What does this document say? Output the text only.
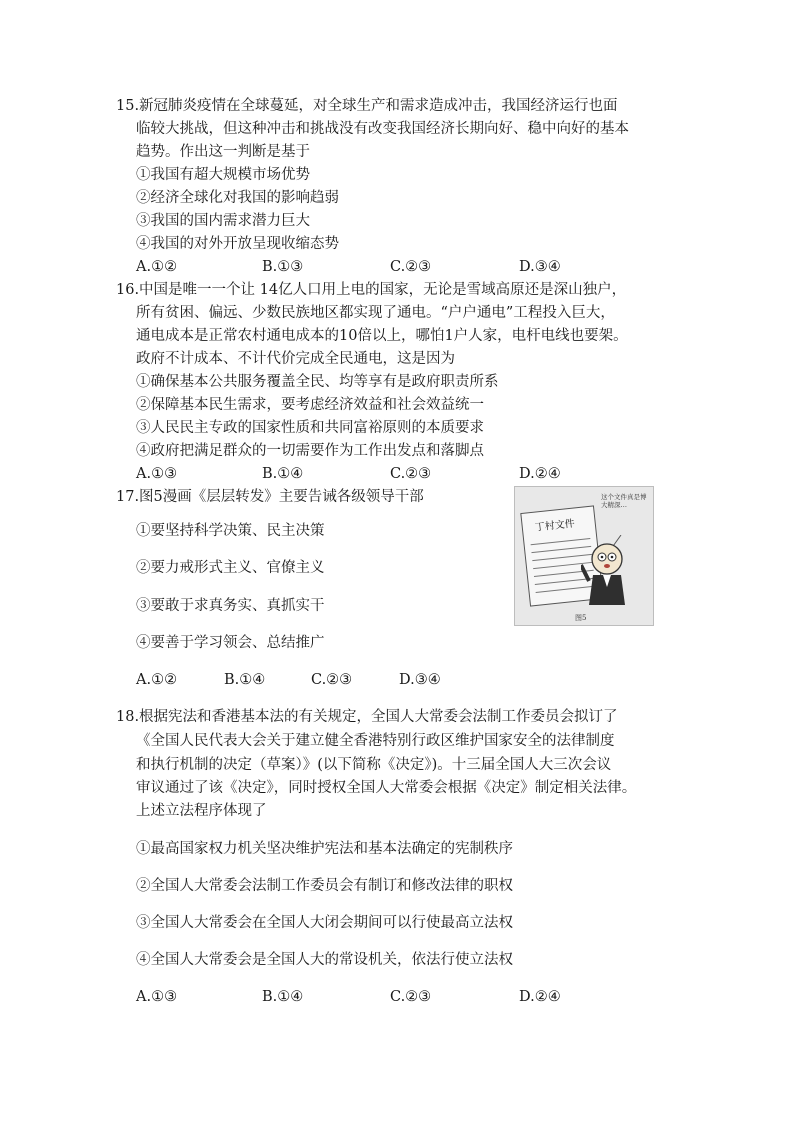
15.新冠肺炎疫情在全球蔓延，对全球生产和需求造成冲击，我国经济运行也面
临较大挑战，但这种冲击和挑战没有改变我国经济长期向好、稳中向好的基本
趋势。作出这一判断是基于
①我国有超大规模市场优势
②经济全球化对我国的影响趋弱
③我国的国内需求潜力巨大
④我国的对外开放呈现收缩态势
A.①②	B.①③	C.②③	D.③④
16.中国是唯一一个让 14亿人口用上电的国家，无论是雪域高原还是深山独户，
所有贫困、偏远、少数民族地区都实现了通电。“户户通电”工程投入巨大，
通电成本是正常农村通电成本的10倍以上，哪怕1户人家，电杆电线也要架。
政府不计成本、不计代价完成全民通电，这是因为
①确保基本公共服务覆盖全民、均等享有是政府职责所系
②保障基本民生需求，要考虑经济效益和社会效益统一
③人民民主专政的国家性质和共同富裕原则的本质要求
④政府把满足群众的一切需要作为工作出发点和落脚点
A.①③	B.①④	C.②③	D.②④
17.图5漫画《层层转发》主要告诫各级领导干部
①要坚持科学决策、民主决策
②要力戒形式主义、官僚主义
③要敢于求真务实、真抓实干
④要善于学习领会、总结推广
A.①②	B.①④	C.②③	D.③④
丁村文件
这个文件真是博大精深…
图5
18.根据宪法和香港基本法的有关规定，全国人大常委会法制工作委员会拟订了
《全国人民代表大会关于建立健全香港特别行政区维护国家安全的法律制度
和执行机制的决定（草案）》(以下简称《决定》)。十三届全国人大三次会议
审议通过了该《决定》，同时授权全国人大常委会根据《决定》制定相关法律。
上述立法程序体现了
①最高国家权力机关坚决维护宪法和基本法确定的宪制秩序
②全国人大常委会法制工作委员会有制订和修改法律的职权
③全国人大常委会在全国人大闭会期间可以行使最高立法权
④全国人大常委会是全国人大的常设机关，依法行使立法权
A.①③	B.①④	C.②③	D.②④
